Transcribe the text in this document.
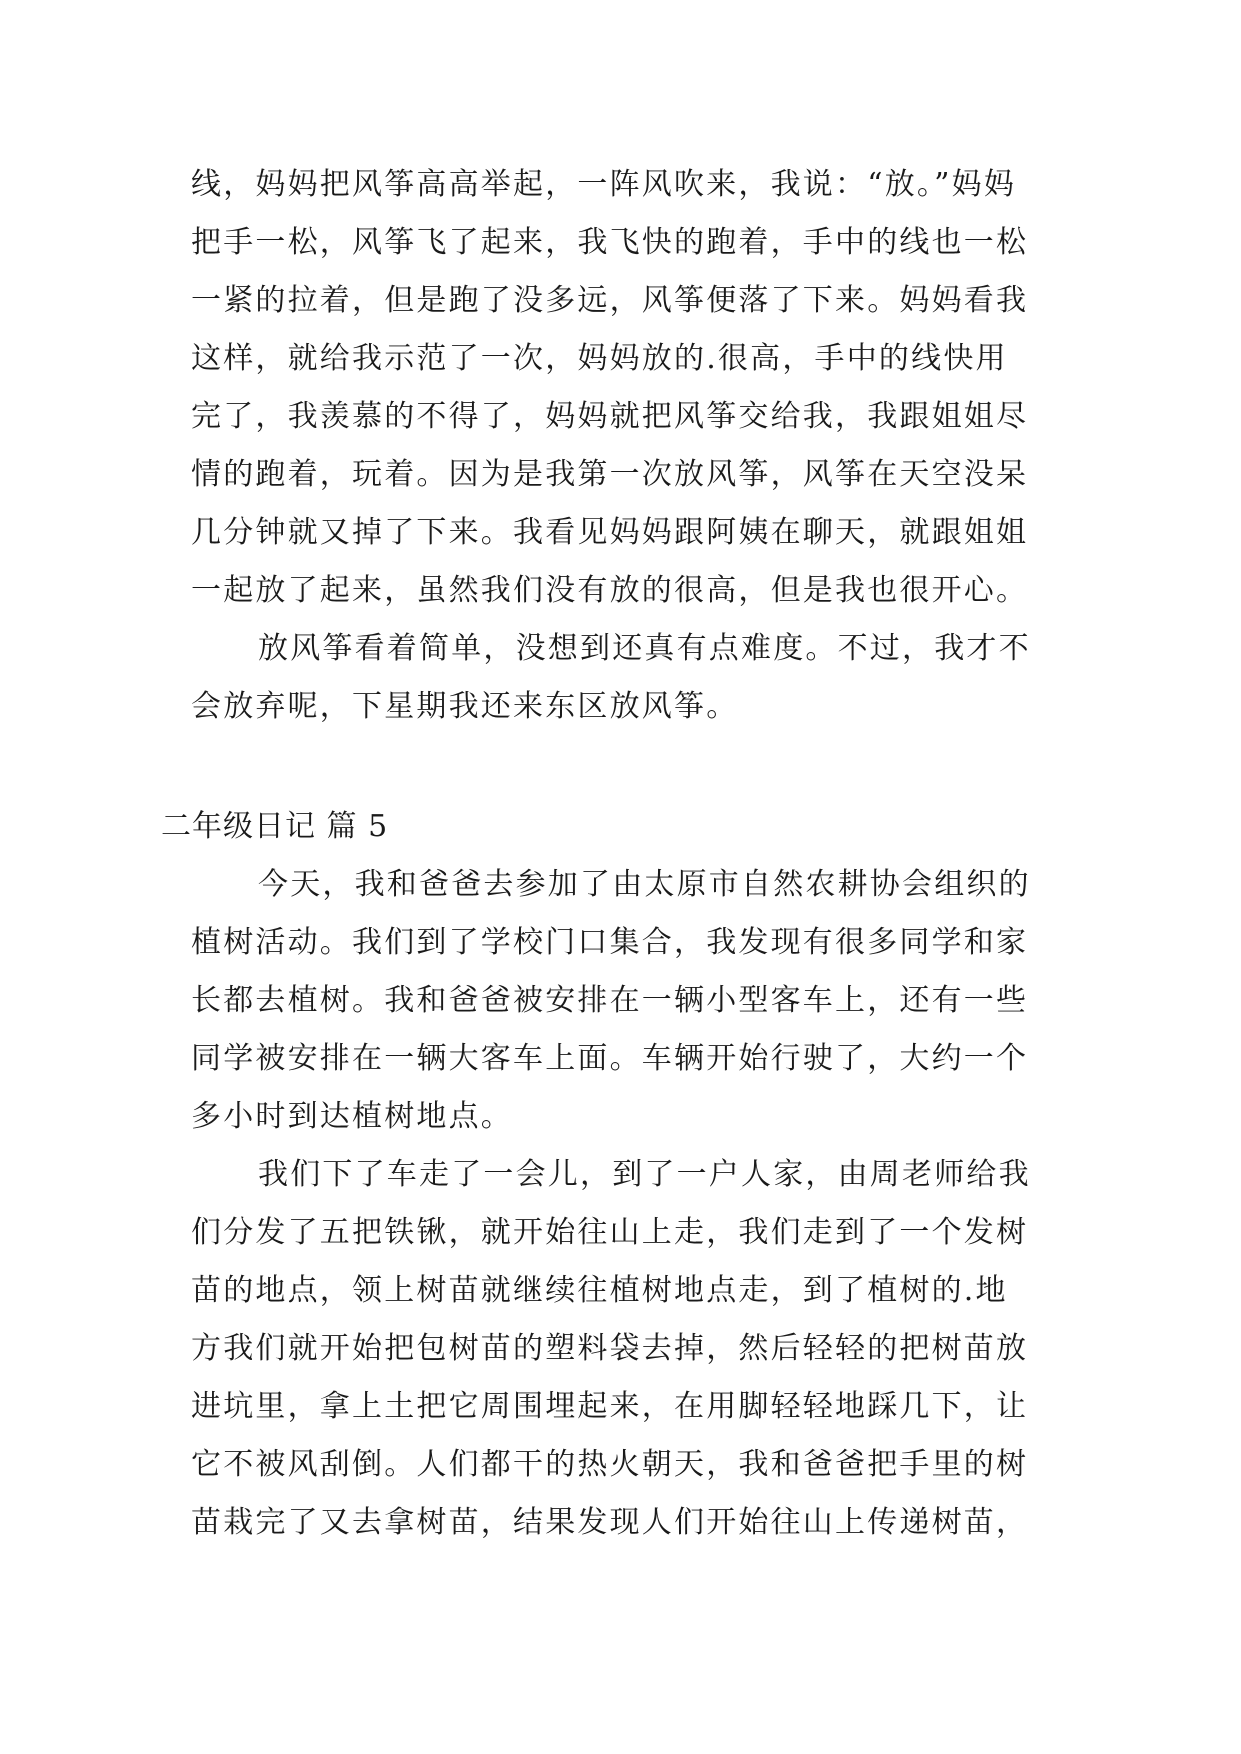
线，妈妈把风筝高高举起，一阵风吹来，我说：“放。”妈妈
把手一松，风筝飞了起来，我飞快的跑着，手中的线也一松
一紧的拉着，但是跑了没多远，风筝便落了下来。妈妈看我
这样，就给我示范了一次，妈妈放的.很高，手中的线快用
完了，我羡慕的不得了，妈妈就把风筝交给我，我跟姐姐尽
情的跑着，玩着。因为是我第一次放风筝，风筝在天空没呆
几分钟就又掉了下来。我看见妈妈跟阿姨在聊天，就跟姐姐
一起放了起来，虽然我们没有放的很高，但是我也很开心。
放风筝看着简单，没想到还真有点难度。不过，我才不
会放弃呢，下星期我还来东区放风筝。
二年级日记 篇 5
今天，我和爸爸去参加了由太原市自然农耕协会组织的
植树活动。我们到了学校门口集合，我发现有很多同学和家
长都去植树。我和爸爸被安排在一辆小型客车上，还有一些
同学被安排在一辆大客车上面。车辆开始行驶了，大约一个
多小时到达植树地点。
我们下了车走了一会儿，到了一户人家，由周老师给我
们分发了五把铁锹，就开始往山上走，我们走到了一个发树
苗的地点，领上树苗就继续往植树地点走，到了植树的.地
方我们就开始把包树苗的塑料袋去掉，然后轻轻的把树苗放
进坑里，拿上土把它周围埋起来，在用脚轻轻地踩几下，让
它不被风刮倒。人们都干的热火朝天，我和爸爸把手里的树
苗栽完了又去拿树苗，结果发现人们开始往山上传递树苗，
